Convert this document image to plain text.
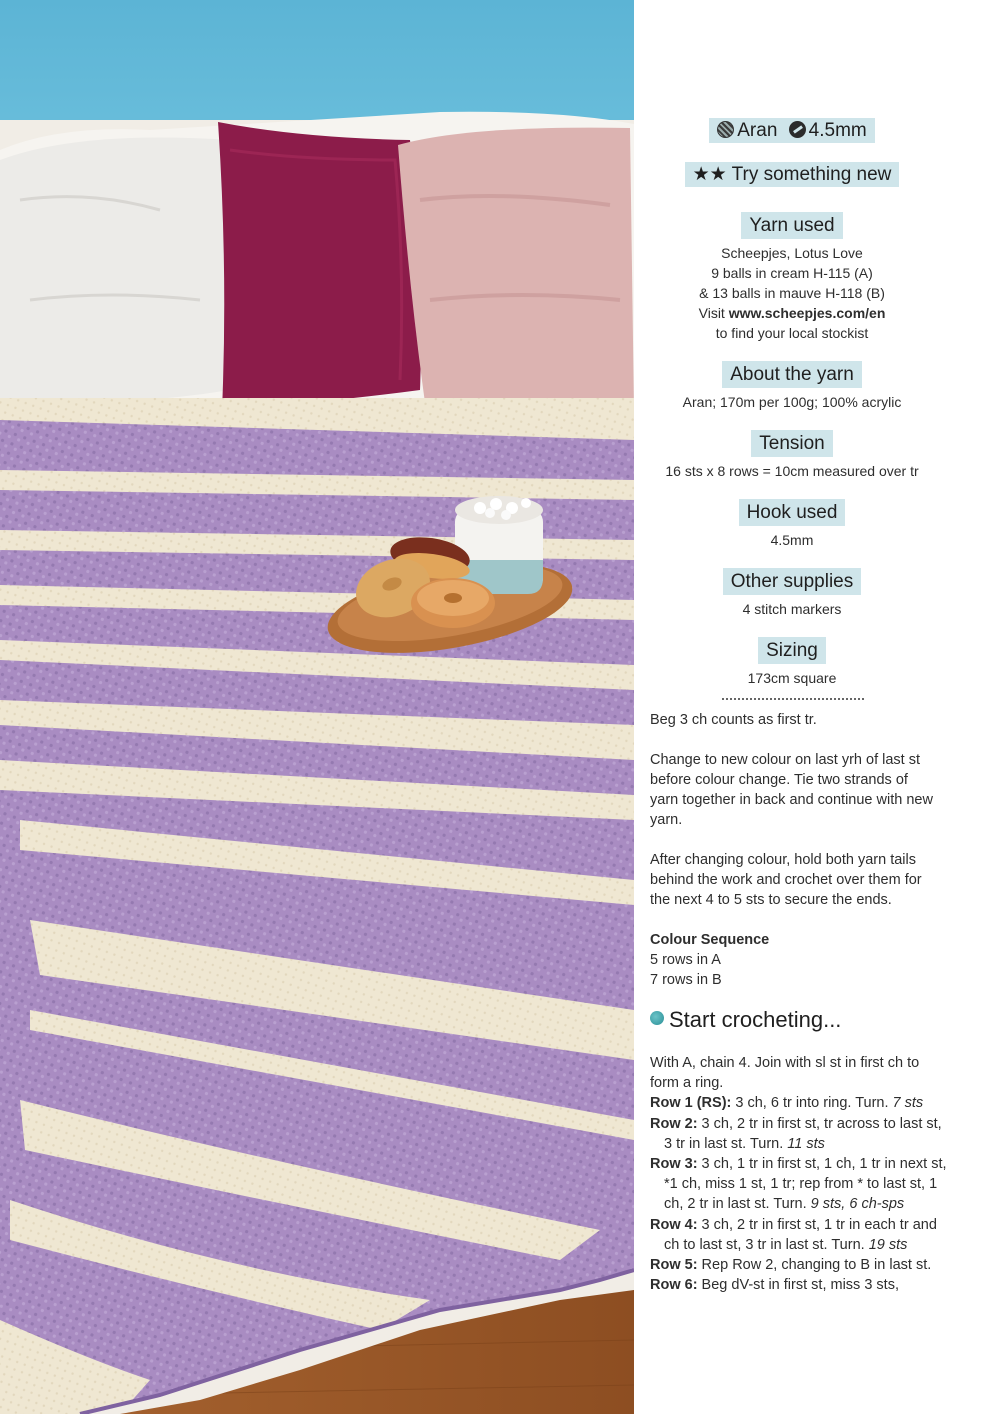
Aran 4.5mm
★★ Try something new
Yarn used
Scheepjes, Lotus Love
9 balls in cream H-115 (A)
& 13 balls in mauve H-118 (B)
Visit www.scheepjes.com/en
to find your local stockist
About the yarn
Aran; 170m per 100g; 100% acrylic
Tension
16 sts x 8 rows = 10cm measured over tr
Hook used
4.5mm
Other supplies
4 stitch markers
Sizing
173cm square

Beg 3 ch counts as first tr.

Change to new colour on last yrh of last st before colour change. Tie two strands of yarn together in back and continue with new yarn.

After changing colour, hold both yarn tails behind the work and crochet over them for the next 4 to 5 sts to secure the ends.

Colour Sequence

5 rows in A

7 rows in B

Start crocheting...

With A, chain 4. Join with sl st in first ch to form a ring.

Row 1 (RS): 3 ch, 6 tr into ring. Turn. 7 sts

Row 2: 3 ch, 2 tr in first st, tr across to last st, 3 tr in last st. Turn. 11 sts

Row 3: 3 ch, 1 tr in first st, 1 ch, 1 tr in next st, *1 ch, miss 1 st, 1 tr; rep from * to last st, 1 ch, 2 tr in last st. Turn. 9 sts, 6 ch-sps

Row 4: 3 ch, 2 tr in first st, 1 tr in each tr and ch to last st, 3 tr in last st. Turn. 19 sts

Row 5: Rep Row 2, changing to B in last st.

Row 6: Beg dV-st in first st, miss 3 sts,
